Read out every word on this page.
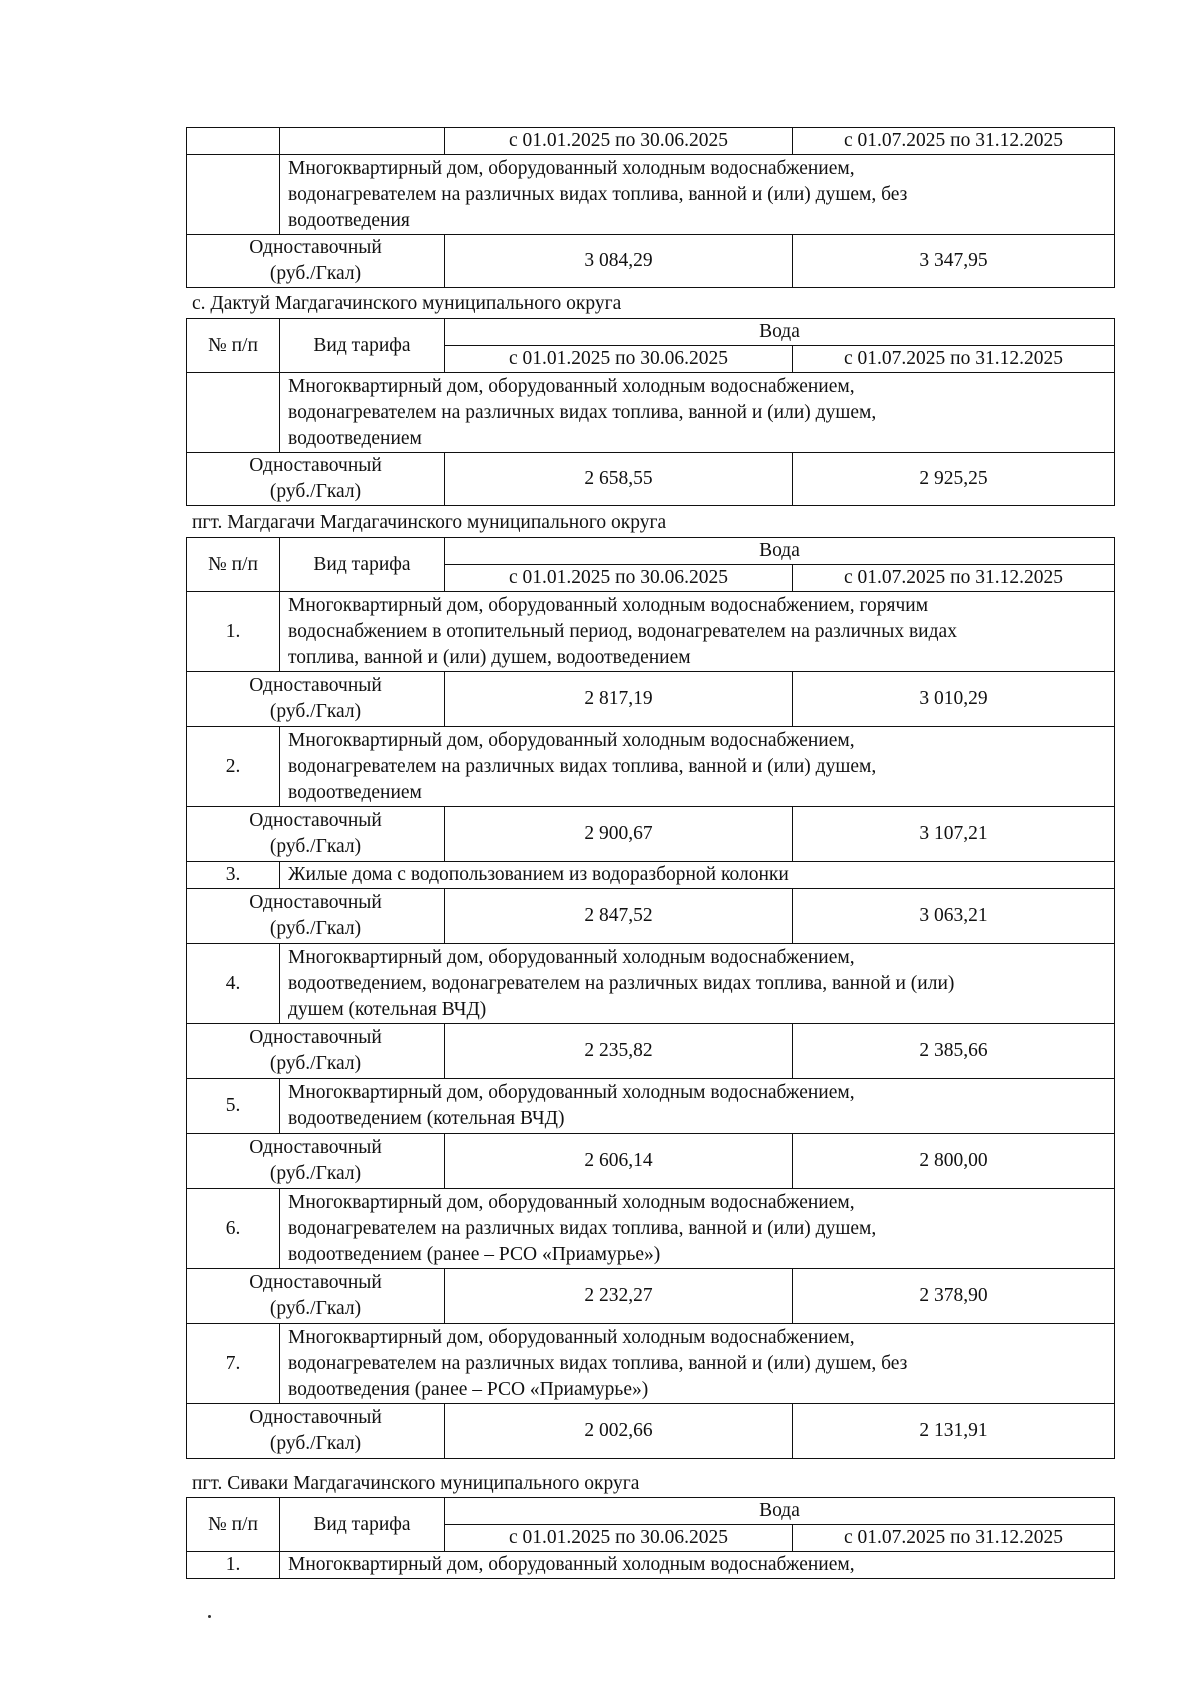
		с 01.01.2025 по 30.06.2025	с 01.07.2025 по 31.12.2025
	Многоквартирный дом, оборудованный холодным водоснабжением,
водонагревателем на различных видах топлива, ванной и (или) душем, без
водоотведения		
Одноставочный
(руб./Гкал)		3 084,29	3 347,95
с. Дактуй Магдагачинского муниципального округа
№ п/п	Вид тарифа	Вода	
		с 01.01.2025 по 30.06.2025	с 01.07.2025 по 31.12.2025
	Многоквартирный дом, оборудованный холодным водоснабжением,
водонагревателем на различных видах топлива, ванной и (или) душем,
водоотведением		
Одноставочный
(руб./Гкал)		2 658,55	2 925,25
пгт. Магдагачи Магдагачинского муниципального округа
№ п/п	Вид тарифа	Вода	
		с 01.01.2025 по 30.06.2025	с 01.07.2025 по 31.12.2025
1.	Многоквартирный дом, оборудованный холодным водоснабжением, горячим
водоснабжением в отопительный период, водонагревателем на различных видах
топлива, ванной и (или) душем, водоотведением		
Одноставочный
(руб./Гкал)		2 817,19	3 010,29
2.	Многоквартирный дом, оборудованный холодным водоснабжением,
водонагревателем на различных видах топлива, ванной и (или) душем,
водоотведением		
Одноставочный
(руб./Гкал)		2 900,67	3 107,21
3.	Жилые дома с водопользованием из водоразборной колонки		
Одноставочный
(руб./Гкал)		2 847,52	3 063,21
4.	Многоквартирный дом, оборудованный холодным водоснабжением,
водоотведением, водонагревателем на различных видах топлива, ванной и (или)
душем (котельная ВЧД)		
Одноставочный
(руб./Гкал)		2 235,82	2 385,66
5.	Многоквартирный дом, оборудованный холодным водоснабжением,
водоотведением (котельная ВЧД)		
Одноставочный
(руб./Гкал)		2 606,14	2 800,00
6.	Многоквартирный дом, оборудованный холодным водоснабжением,
водонагревателем на различных видах топлива, ванной и (или) душем,
водоотведением (ранее – РСО «Приамурье»)		
Одноставочный
(руб./Гкал)		2 232,27	2 378,90
7.	Многоквартирный дом, оборудованный холодным водоснабжением,
водонагревателем на различных видах топлива, ванной и (или) душем, без
водоотведения (ранее – РСО «Приамурье»)		
Одноставочный
(руб./Гкал)		2 002,66	2 131,91
пгт. Сиваки Магдагачинского муниципального округа
№ п/п	Вид тарифа	Вода	
		с 01.01.2025 по 30.06.2025	с 01.07.2025 по 31.12.2025
1.	Многоквартирный дом, оборудованный холодным водоснабжением,		
